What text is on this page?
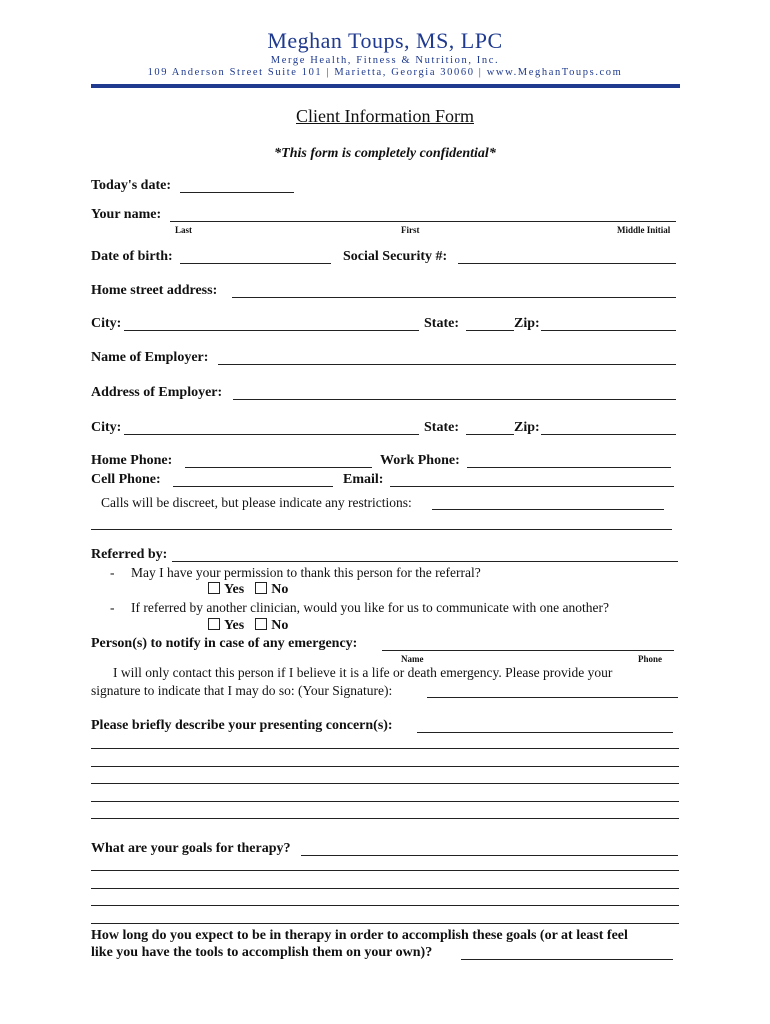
Meghan Toups, MS, LPC
Merge Health, Fitness & Nutrition, Inc.
109 Anderson Street Suite 101 | Marietta, Georgia 30060 | www.MeghanToups.com
Client Information Form
*This form is completely confidential*
Today's date:
Your name:
Last	First	Middle Initial
Date of birth:	Social Security #:
Home street address:
City:	State:	Zip:
Name of Employer:
Address of Employer:
City:	State:	Zip:
Home Phone:	Work Phone:
Cell Phone:	Email:
Calls will be discreet, but please indicate any restrictions:
Referred by:
- May I have your permission to thank this person for the referral?
Yes No
- If referred by another clinician, would you like for us to communicate with one another?
Yes No
Person(s) to notify in case of any emergency:
Name	Phone
I will only contact this person if I believe it is a life or death emergency. Please provide your
signature to indicate that I may do so: (Your Signature):
Please briefly describe your presenting concern(s):
What are your goals for therapy?
How long do you expect to be in therapy in order to accomplish these goals (or at least feel
like you have the tools to accomplish them on your own)?
